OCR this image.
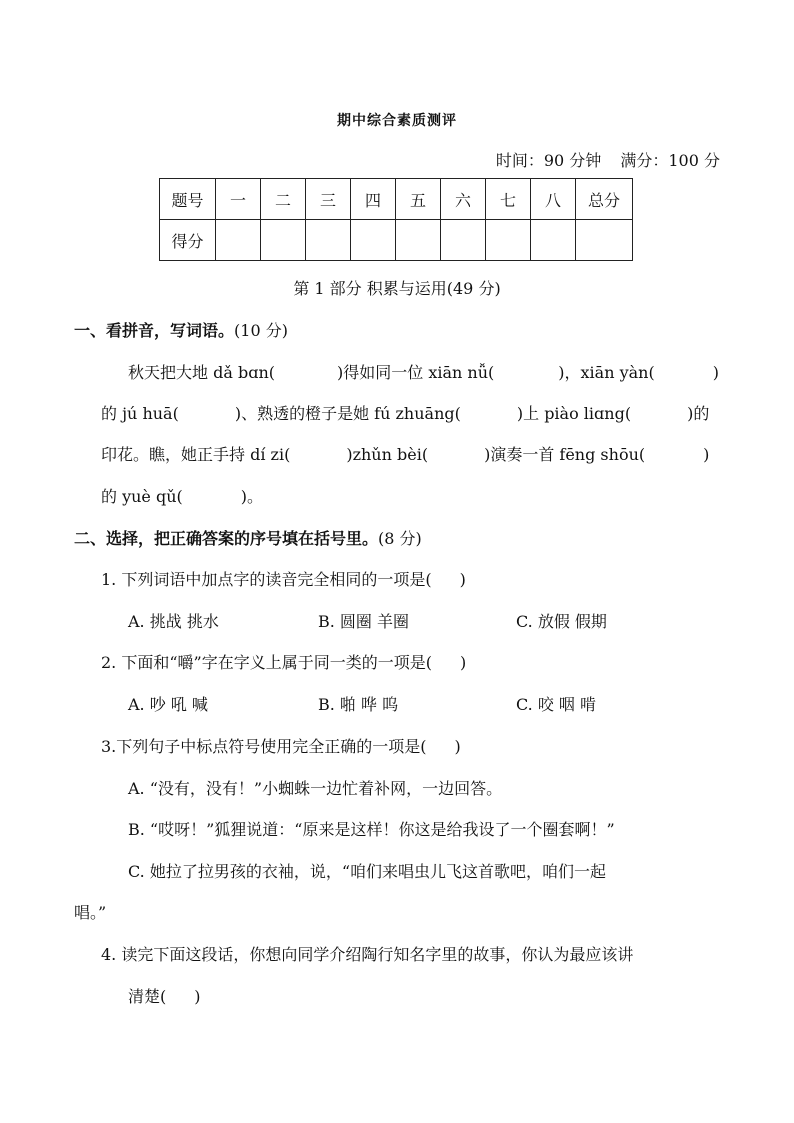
期中综合素质测评
时间：90 分钟 满分：100 分
题号	一	二	三	四	五	六	七	八	总分
得分									
第 1 部分 积累与运用(49 分)
一、看拼音，写词语。(10 分)
秋天把大地 dǎ bɑn(	)得如同一位 xiān nǚ(	)，xiān yàn(	)
的 jú huā(	)、熟透的橙子是她 fú zhuāng(	)上 piào liɑng(	)的
印花。瞧，她正手持 dí zi(	)zhǔn bèi(	)演奏一首 fēng shōu(	)
的 yuè qǔ(	)。
二、选择，把正确答案的序号填在括号里。(8 分)
1. 下列词语中加点字的读音完全相同的一项是( )
A. 挑战 挑水	B. 圆圈 羊圈	C. 放假 假期
2. 下面和“嚼”字在字义上属于同一类的一项是( )
A. 吵 吼 喊	B. 啪 哗 呜	C. 咬 咽 啃
3.下列句子中标点符号使用完全正确的一项是( )
A. “没有，没有！”小蜘蛛一边忙着补网，一边回答。
B. “哎呀！”狐狸说道：“原来是这样！你这是给我设了一个圈套啊！”
C. 她拉了拉男孩的衣袖，说，“咱们来唱虫儿飞这首歌吧，咱们一起
唱。”
4. 读完下面这段话，你想向同学介绍陶行知名字里的故事，你认为最应该讲
清楚( )
